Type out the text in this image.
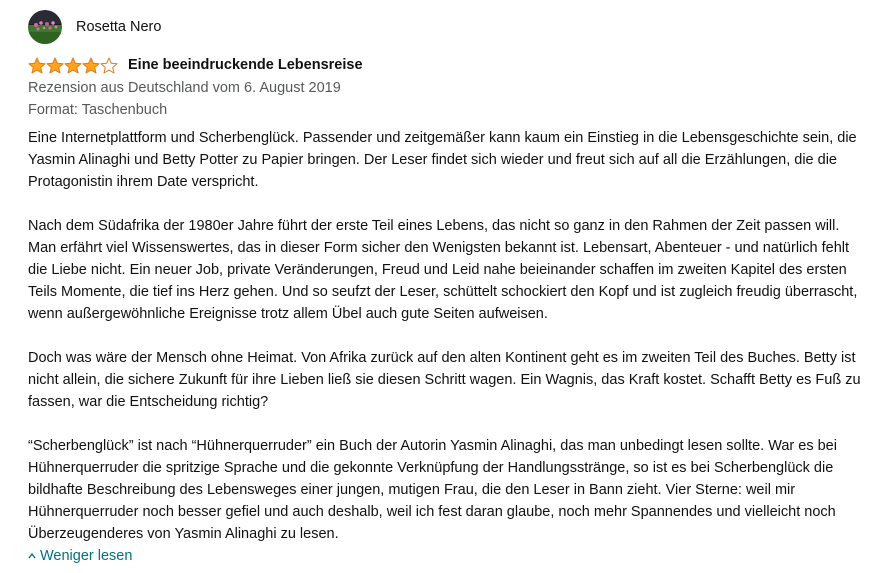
Rosetta Nero
Eine beeindruckende Lebensreise
Rezension aus Deutschland vom 6. August 2019
Format: Taschenbuch

Eine Internetplattform und Scherbenglück. Passender und zeitgemäßer kann kaum ein Einstieg in die Lebensgeschichte sein, die Yasmin Alinaghi und Betty Potter zu Papier bringen. Der Leser findet sich wieder und freut sich auf all die Erzählungen, die die Protagonistin ihrem Date verspricht.

Nach dem Südafrika der 1980er Jahre führt der erste Teil eines Lebens, das nicht so ganz in den Rahmen der Zeit passen will. Man erfährt viel Wissenswertes, das in dieser Form sicher den Wenigsten bekannt ist. Lebensart, Abenteuer - und natürlich fehlt die Liebe nicht. Ein neuer Job, private Veränderungen, Freud und Leid nahe beieinander schaffen im zweiten Kapitel des ersten Teils Momente, die tief ins Herz gehen. Und so seufzt der Leser, schüttelt schockiert den Kopf und ist zugleich freudig überrascht, wenn außergewöhnliche Ereignisse trotz allem Übel auch gute Seiten aufweisen.

Doch was wäre der Mensch ohne Heimat. Von Afrika zurück auf den alten Kontinent geht es im zweiten Teil des Buches. Betty ist nicht allein, die sichere Zukunft für ihre Lieben ließ sie diesen Schritt wagen. Ein Wagnis, das Kraft kostet. Schafft Betty es Fuß zu fassen, war die Entscheidung richtig?

“Scherbenglück” ist nach “Hühnerquerruder” ein Buch der Autorin Yasmin Alinaghi, das man unbedingt lesen sollte. War es bei Hühnerquerruder die spritzige Sprache und die gekonnte Verknüpfung der Handlungsstränge, so ist es bei Scherbenglück die bildhafte Beschreibung des Lebensweges einer jungen, mutigen Frau, die den Leser in Bann zieht. Vier Sterne: weil mir Hühnerquerruder noch besser gefiel und auch deshalb, weil ich fest daran glaube, noch mehr Spannendes und vielleicht noch Überzeugenderes von Yasmin Alinaghi zu lesen.

Weniger lesen
